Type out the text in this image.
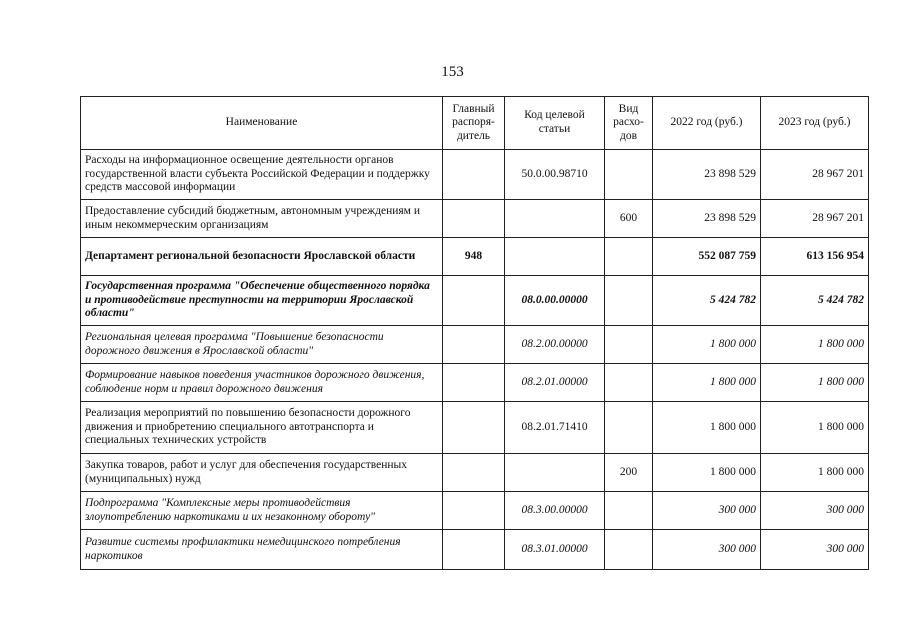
153
Наименование	Главный распоря-дитель	Код целевой статьи	Вид расхо-дов	2022 год (руб.)	2023 год (руб.)
Расходы на информационное освещение деятельности органов государственной власти субъекта Российской Федерации и поддержку средств массовой информации		50.0.00.98710		23 898 529	28 967 201
Предоставление субсидий бюджетным, автономным учреждениям и иным некоммерческим организациям			600	23 898 529	28 967 201
Департамент региональной безопасности Ярославской области	948			552 087 759	613 156 954
Государственная программа "Обеспечение общественного порядка и противодействие преступности на территории Ярославской области"		08.0.00.00000		5 424 782	5 424 782
Региональная целевая программа "Повышение безопасности дорожного движения в Ярославской области"		08.2.00.00000		1 800 000	1 800 000
Формирование навыков поведения участников дорожного движения, соблюдение норм и правил дорожного движения		08.2.01.00000		1 800 000	1 800 000
Реализация мероприятий по повышению безопасности дорожного движения и приобретению специального автотранспорта и специальных технических устройств		08.2.01.71410		1 800 000	1 800 000
Закупка товаров, работ и услуг для обеспечения государственных (муниципальных) нужд			200	1 800 000	1 800 000
Подпрограмма "Комплексные меры противодействия злоупотреблению наркотиками и их незаконному обороту"		08.3.00.00000		300 000	300 000
Развитие системы профилактики немедицинского потребления наркотиков		08.3.01.00000		300 000	300 000
